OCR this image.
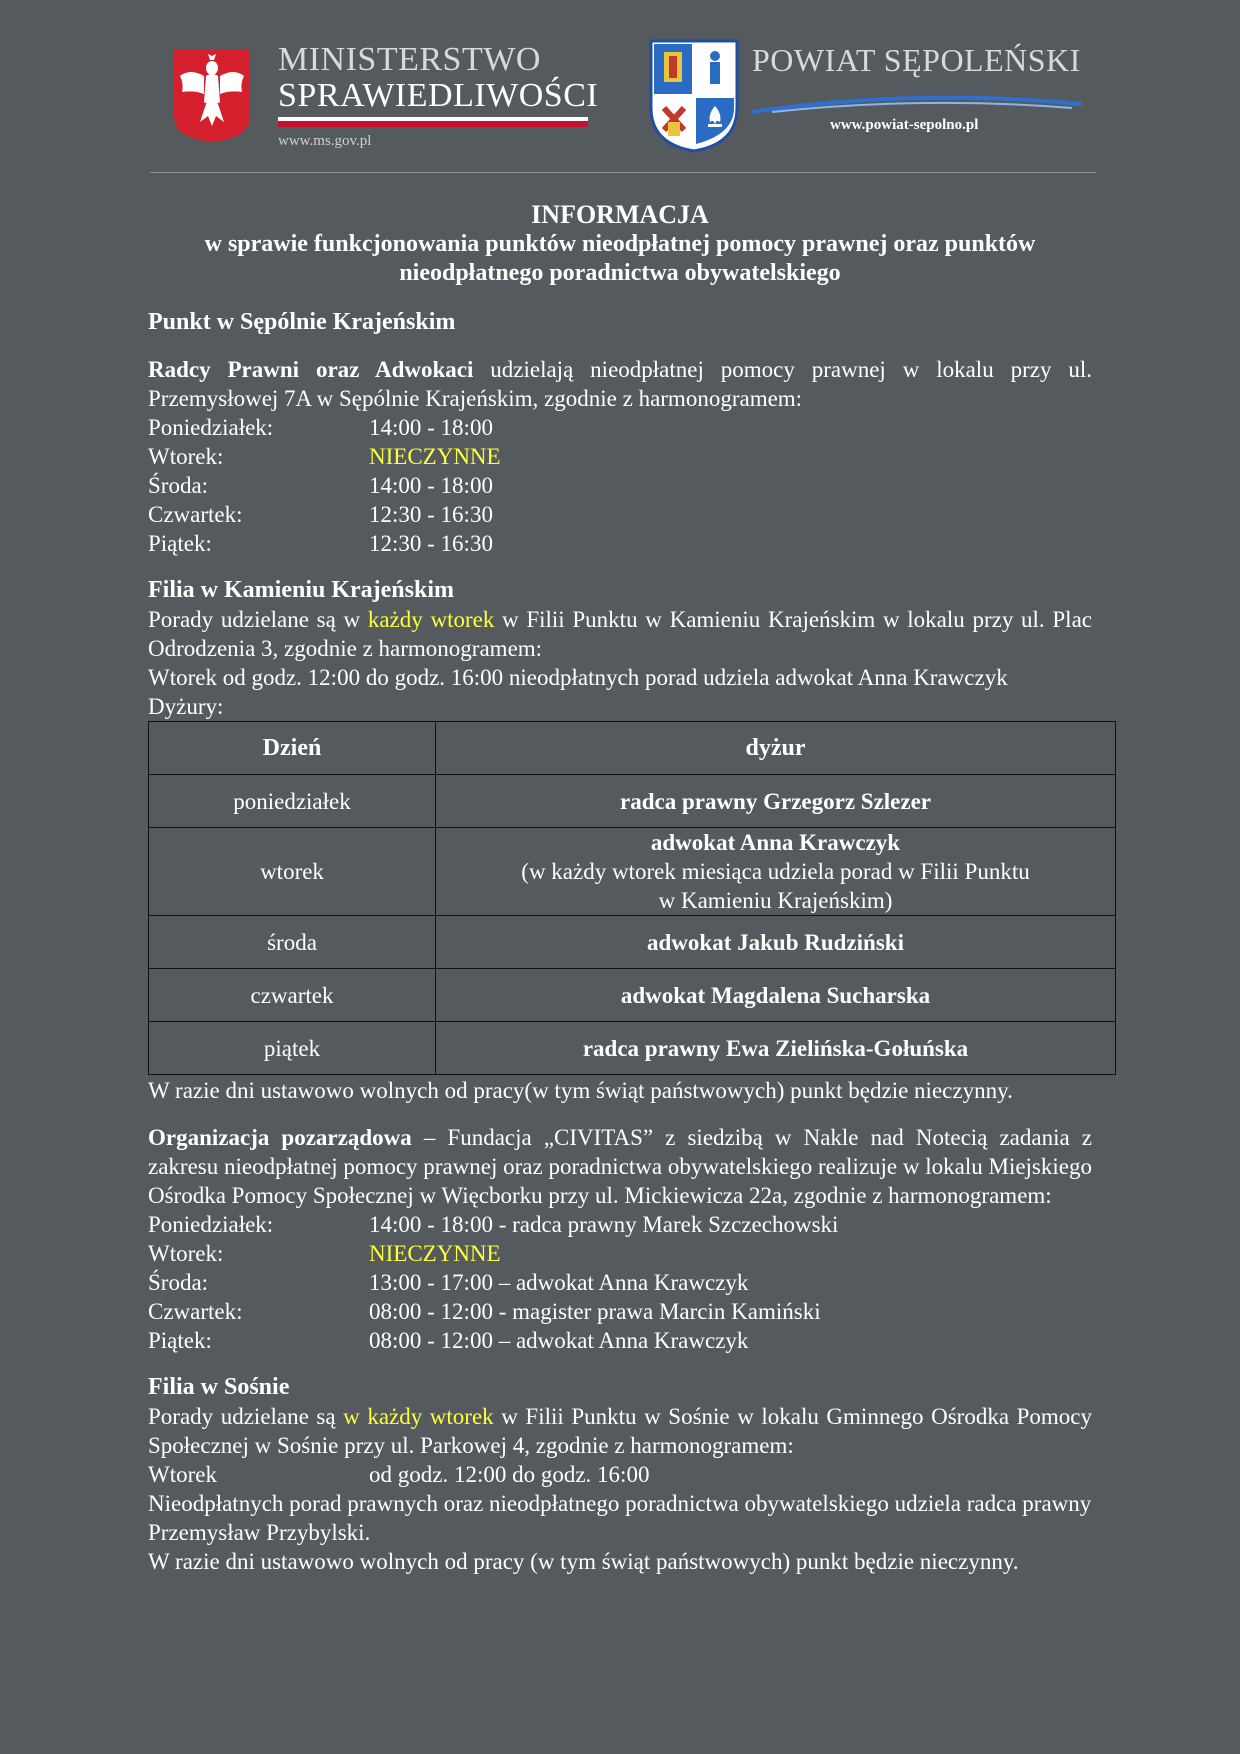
MINISTERSTWO
SPRAWIEDLIWOŚCI
www.ms.gov.pl
POWIAT SĘPOLEŃSKI
www.powiat-sepolno.pl
INFORMACJA
w sprawie funkcjonowania punktów nieodpłatnej pomocy prawnej oraz punktów
nieodpłatnego poradnictwa obywatelskiego
Punkt w Sępólnie Krajeńskim

Radcy Prawni oraz Adwokaci udzielają nieodpłatnej pomocy prawnej w lokalu przy ul. Przemysłowej 7A w Sępólnie Krajeńskim, zgodnie z harmonogramem:

Poniedziałek:	14:00 - 18:00
Wtorek:	NIECZYNNE
Środa:	14:00 - 18:00
Czwartek:	12:30 - 16:30
Piątek:	12:30 - 16:30
Filia w Kamieniu Krajeńskim

Porady udzielane są w każdy wtorek w Filii Punktu w Kamieniu Krajeńskim w lokalu przy ul. Plac Odrodzenia 3, zgodnie z harmonogramem:

Wtorek od godz. 12:00 do godz. 16:00 nieodpłatnych porad udziela adwokat Anna Krawczyk

Dyżury:

Dzień	dyżur
poniedziałek	radca prawny Grzegorz Szlezer
wtorek	adwokat Anna Krawczyk
(w każdy wtorek miesiąca udziela porad w Filii Punktu
w Kamieniu Krajeńskim)

środa	adwokat Jakub Rudziński
czwartek	adwokat Magdalena Sucharska
piątek	radca prawny Ewa Zielińska-Gołuńska

W razie dni ustawowo wolnych od pracy(w tym świąt państwowych) punkt będzie nieczynny.

Organizacja pozarządowa – Fundacja „CIVITAS” z siedzibą w Nakle nad Notecią zadania z zakresu nieodpłatnej pomocy prawnej oraz poradnictwa obywatelskiego realizuje w lokalu Miejskiego Ośrodka Pomocy Społecznej w Więcborku przy ul. Mickiewicza 22a, zgodnie z harmonogramem:

Poniedziałek:	14:00 - 18:00 - radca prawny Marek Szczechowski
Wtorek:	NIECZYNNE
Środa:	13:00 - 17:00 – adwokat Anna Krawczyk
Czwartek:	08:00 - 12:00 - magister prawa Marcin Kamiński
Piątek:	08:00 - 12:00 – adwokat Anna Krawczyk
Filia w Sośnie

Porady udzielane są w każdy wtorek w Filii Punktu w Sośnie w lokalu Gminnego Ośrodka Pomocy Społecznej w Sośnie przy ul. Parkowej 4, zgodnie z harmonogramem:

Wtorek	od godz. 12:00 do godz. 16:00

Nieodpłatnych porad prawnych oraz nieodpłatnego poradnictwa obywatelskiego udziela radca prawny Przemysław Przybylski.

W razie dni ustawowo wolnych od pracy (w tym świąt państwowych) punkt będzie nieczynny.
